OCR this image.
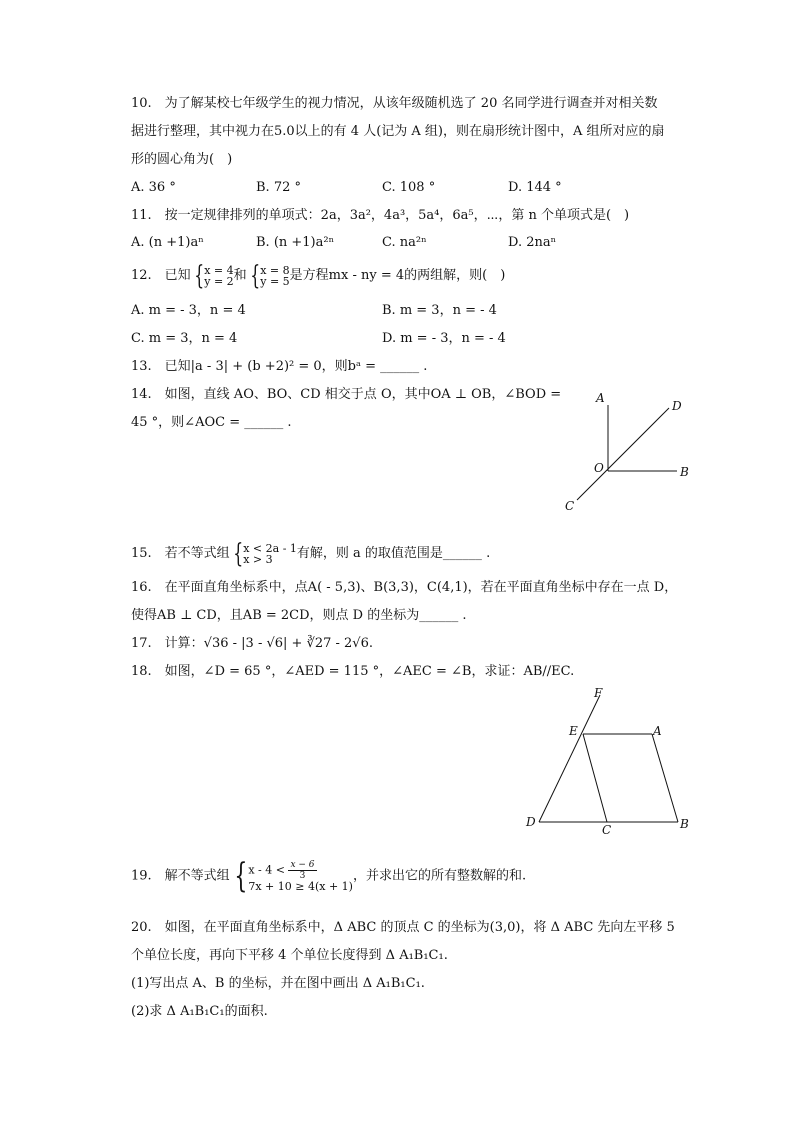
10.　为了解某校七年级学生的视力情况，从该年级随机选了 20 名同学进行调查并对相关数
据进行整理，其中视力在5.0以上的有 4 人(记为 A 组)，则在扇形统计图中，A 组所对应的扇
形的圆心角为(　)
A. 36 °	B. 72 °	C. 108 °	D. 144 °
11.　按一定规律排列的单项式：2a，3a²，4a³，5a⁴，6a⁵，⋯，第 n 个单项式是(　)
A. (n +1)aⁿ	B. (n +1)a²ⁿ	C. na²ⁿ	D. 2naⁿ
12.　已知 { x = 4
y = 2 和 { x = 8
y = 5 是方程mx - ny = 4的两组解，则(　)
A. m = - 3，n = 4	B. m = 3，n = - 4
C. m = 3，n = 4	D. m = - 3，n = - 4
13.　已知|a - 3| + (b +2)² = 0，则bᵃ = ______ .
14.　如图，直线 AO、BO、CD 相交于点 O，其中OA ⊥ OB，∠BOD =
45 °，则∠AOC = ______ .
A
D
O	B
C
15.　若不等式组 { x < 2a - 1
x > 3	有解，则 a 的取值范围是______ .
16.　在平面直角坐标系中，点A( - 5,3)、B(3,3)，C(4,1)，若在平面直角坐标中存在一点 D，
使得AB ⊥ CD，且AB = 2CD，则点 D 的坐标为______ .
17.　计算：√36 - |3 - √6| + ∛27 - 2√6.
18.　如图，∠D = 65 °，∠AED = 115 °，∠AEC = ∠B，求证：AB//EC.
F
E	A
D
C	B
19.　解不等式组 { $x - 4 < \frac{x - 6}{3}$
7x + 10 ≥ 4(x + 1)
，并求出它的所有整数解的和.
20.　如图，在平面直角坐标系中，Δ ABC 的顶点 C 的坐标为(3,0)，将 Δ ABC 先向左平移 5
个单位长度，再向下平移 4 个单位长度得到 Δ A₁B₁C₁.
(1)写出点 A、B 的坐标，并在图中画出 Δ A₁B₁C₁.
(2)求 Δ A₁B₁C₁的面积.
